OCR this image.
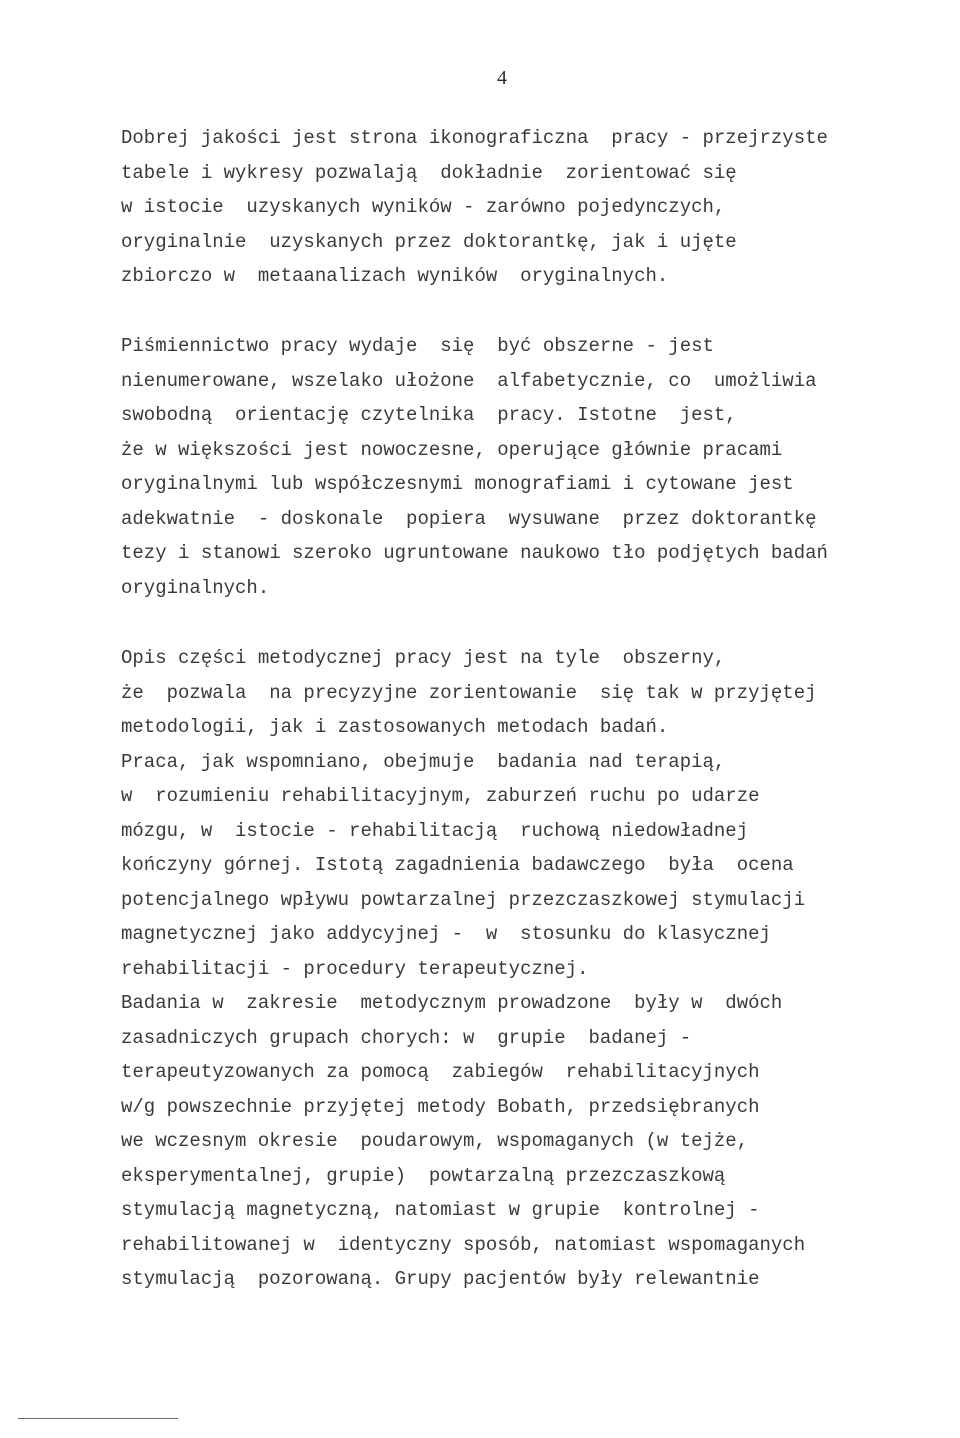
4
Dobrej jakości jest strona ikonograficzna  pracy - przejrzyste
tabele i wykresy pozwalają  dokładnie  zorientować się
w istocie  uzyskanych wyników - zarówno pojedynczych,
oryginalnie  uzyskanych przez doktorantkę, jak i ujęte
zbiorczo w  metaanalizach wyników  oryginalnych.
Piśmiennictwo pracy wydaje  się  być obszerne - jest
nienumerowane, wszelako ułożone  alfabetycznie, co  umożliwia
swobodną  orientację czytelnika  pracy. Istotne  jest,
że w większości jest nowoczesne, operujące głównie pracami
oryginalnymi lub współczesnymi monografiami i cytowane jest
adekwatnie  - doskonale  popiera  wysuwane  przez doktorantkę
tezy i stanowi szeroko ugruntowane naukowo tło podjętych badań
oryginalnych.
Opis części metodycznej pracy jest na tyle  obszerny,
że  pozwala  na precyzyjne zorientowanie  się tak w przyjętej
metodologii, jak i zastosowanych metodach badań.
Praca, jak wspomniano, obejmuje  badania nad terapią,
w  rozumieniu rehabilitacyjnym, zaburzeń ruchu po udarze
mózgu, w  istocie - rehabilitacją  ruchową niedowładnej
kończyny górnej. Istotą zagadnienia badawczego  była  ocena
potencjalnego wpływu powtarzalnej przezczaszkowej stymulacji
magnetycznej jako addycyjnej -  w  stosunku do klasycznej
rehabilitacji - procedury terapeutycznej.
Badania w  zakresie  metodycznym prowadzone  były w  dwóch
zasadniczych grupach chorych: w  grupie  badanej -
terapeutyzowanych za pomocą  zabiegów  rehabilitacyjnych
w/g powszechnie przyjętej metody Bobath, przedsiębranych
we wczesnym okresie  poudarowym, wspomaganych (w tejże,
eksperymentalnej, grupie)  powtarzalną przezczaszkową
stymulacją magnetyczną, natomiast w grupie  kontrolnej -
rehabilitowanej w  identyczny sposób, natomiast wspomaganych
stymulacją  pozorowaną. Grupy pacjentów były relewantnie
